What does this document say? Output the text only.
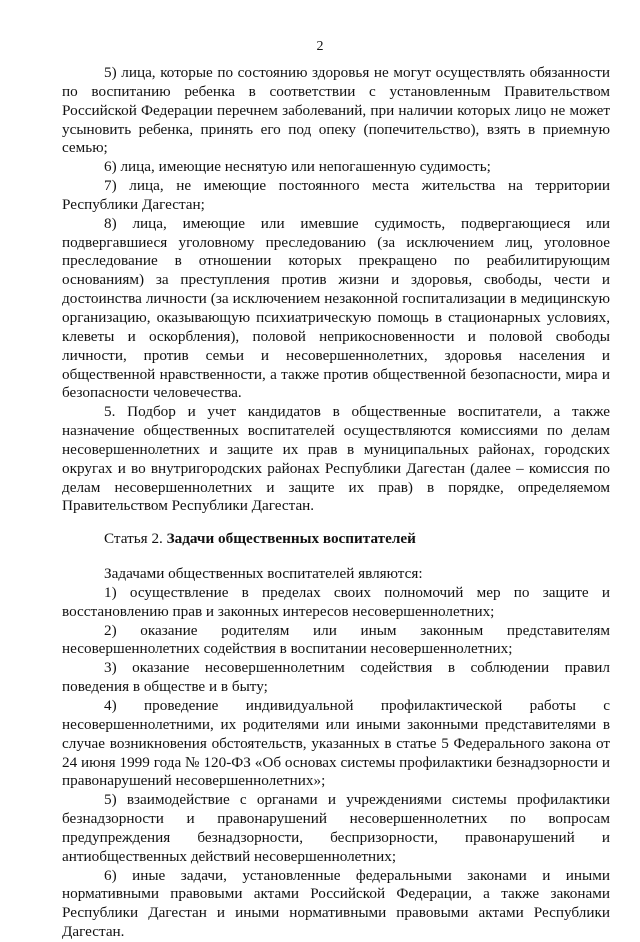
2

5) лица, которые по состоянию здоровья не могут осуществлять обязанности по воспитанию ребенка в соответствии с установленным Правительством Российской Федерации перечнем заболеваний, при наличии которых лицо не может усыновить ребенка, принять его под опеку (попечительство), взять в приемную семью;

6) лица, имеющие неснятую или непогашенную судимость;

7) лица, не имеющие постоянного места жительства на территории Республики Дагестан;

8) лица, имеющие или имевшие судимость, подвергающиеся или подвергавшиеся уголовному преследованию (за исключением лиц, уголовное преследование в отношении которых прекращено по реабилитирующим основаниям) за преступления против жизни и здоровья, свободы, чести и достоинства личности (за исключением незаконной госпитализации в медицинскую организацию, оказывающую психиатрическую помощь в стационарных условиях, клеветы и оскорбления), половой неприкосновенности и половой свободы личности, против семьи и несовершеннолетних, здоровья населения и общественной нравственности, а также против общественной безопасности, мира и безопасности человечества.

5. Подбор и учет кандидатов в общественные воспитатели, а также назначение общественных воспитателей осуществляются комиссиями по делам несовершеннолетних и защите их прав в муниципальных районах, городских округах и во внутригородских районах Республики Дагестан (далее – комиссия по делам несовершеннолетних и защите их прав) в порядке, определяемом Правительством Республики Дагестан.

Статья 2. Задачи общественных воспитателей

Задачами общественных воспитателей являются:

1) осуществление в пределах своих полномочий мер по защите и восстановлению прав и законных интересов несовершеннолетних;

2) оказание родителям или иным законным представителям несовершеннолетних содействия в воспитании несовершеннолетних;

3) оказание несовершеннолетним содействия в соблюдении правил поведения в обществе и в быту;

4) проведение индивидуальной профилактической работы с несовершеннолетними, их родителями или иными законными представителями в случае возникновения обстоятельств, указанных в статье 5 Федерального закона от 24 июня 1999 года № 120-ФЗ «Об основах системы профилактики безнадзорности и правонарушений несовершеннолетних»;

5) взаимодействие с органами и учреждениями системы профилактики безнадзорности и правонарушений несовершеннолетних по вопросам предупреждения безнадзорности, беспризорности, правонарушений и антиобщественных действий несовершеннолетних;

6) иные задачи, установленные федеральными законами и иными нормативными правовыми актами Российской Федерации, а также законами Республики Дагестан и иными нормативными правовыми актами Республики Дагестан.
